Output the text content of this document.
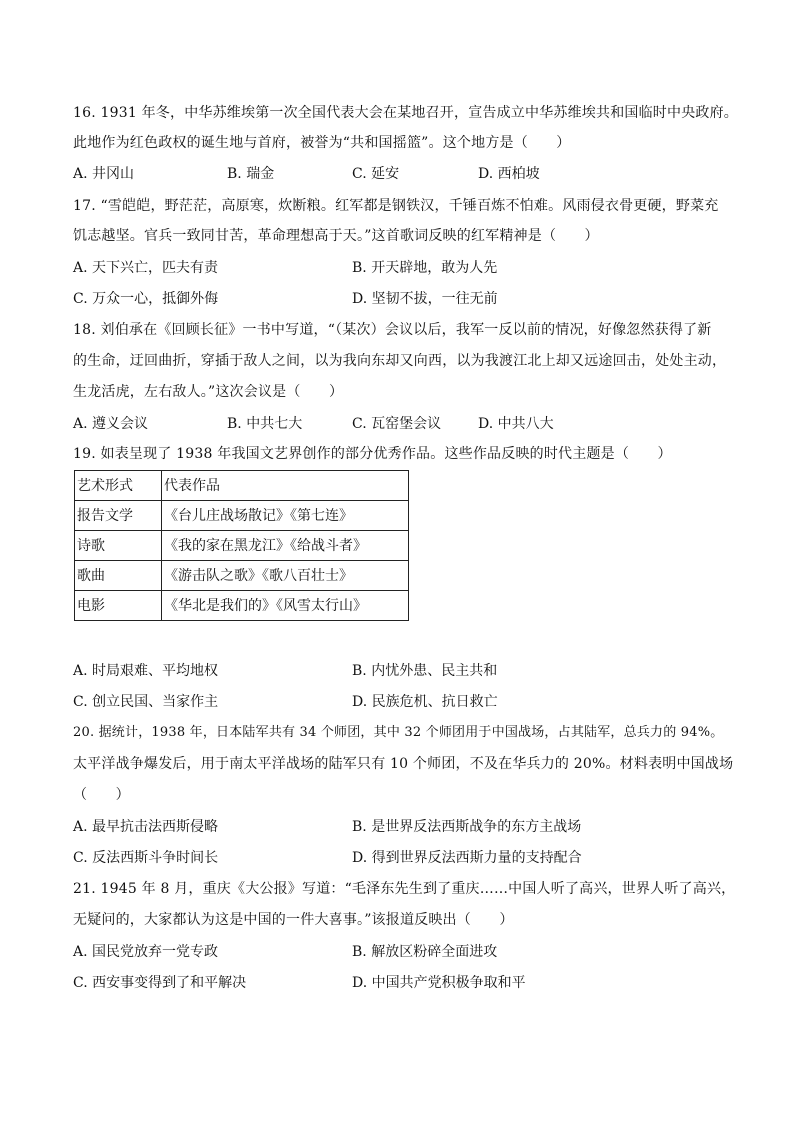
16. 1931 年冬，中华苏维埃第一次全国代表大会在某地召开，宣告成立中华苏维埃共和国临时中央政府。
此地作为红色政权的诞生地与首府，被誉为“共和国摇篮”。这个地方是（　　）
A. 井冈山	B. 瑞金	C. 延安	D. 西柏坡
17. “雪皑皑，野茫茫，高原寒，炊断粮。红军都是钢铁汉，千锤百炼不怕难。风雨侵衣骨更硬，野菜充
饥志越坚。官兵一致同甘苦，革命理想高于天。”这首歌词反映的红军精神是（　　）
A. 天下兴亡，匹夫有责	B. 开天辟地，敢为人先
C. 万众一心，抵御外侮	D. 坚韧不拔，一往无前
18. 刘伯承在《回顾长征》一书中写道，“（某次）会议以后，我军一反以前的情况，好像忽然获得了新
的生命，迂回曲折，穿插于敌人之间，以为我向东却又向西，以为我渡江北上却又远途回击，处处主动，
生龙活虎，左右敌人。”这次会议是（　　）
A. 遵义会议	B. 中共七大	C. 瓦窑堡会议	D. 中共八大
19. 如表呈现了 1938 年我国文艺界创作的部分优秀作品。这些作品反映的时代主题是（　　）
艺术形式	代表作品
报告文学	《台儿庄战场散记》《第七连》
诗歌	《我的家在黑龙江》《给战斗者》
歌曲	《游击队之歌》《歌八百壮士》
电影	《华北是我们的》《风雪太行山》
A. 时局艰难、平均地权	B. 内忧外患、民主共和
C. 创立民国、当家作主	D. 民族危机、抗日救亡
20. 据统计，1938 年，日本陆军共有 34 个师团，其中 32 个师团用于中国战场，占其陆军，总兵力的 94%。
太平洋战争爆发后，用于南太平洋战场的陆军只有 10 个师团，不及在华兵力的 20%。材料表明中国战场
（　　）
A. 最早抗击法西斯侵略	B. 是世界反法西斯战争的东方主战场
C. 反法西斯斗争时间长	D. 得到世界反法西斯力量的支持配合
21. 1945 年 8 月，重庆《大公报》写道：“毛泽东先生到了重庆……中国人听了高兴，世界人听了高兴，
无疑问的，大家都认为这是中国的一件大喜事。”该报道反映出（　　）
A. 国民党放弃一党专政	B. 解放区粉碎全面进攻
C. 西安事变得到了和平解决	D. 中国共产党积极争取和平
